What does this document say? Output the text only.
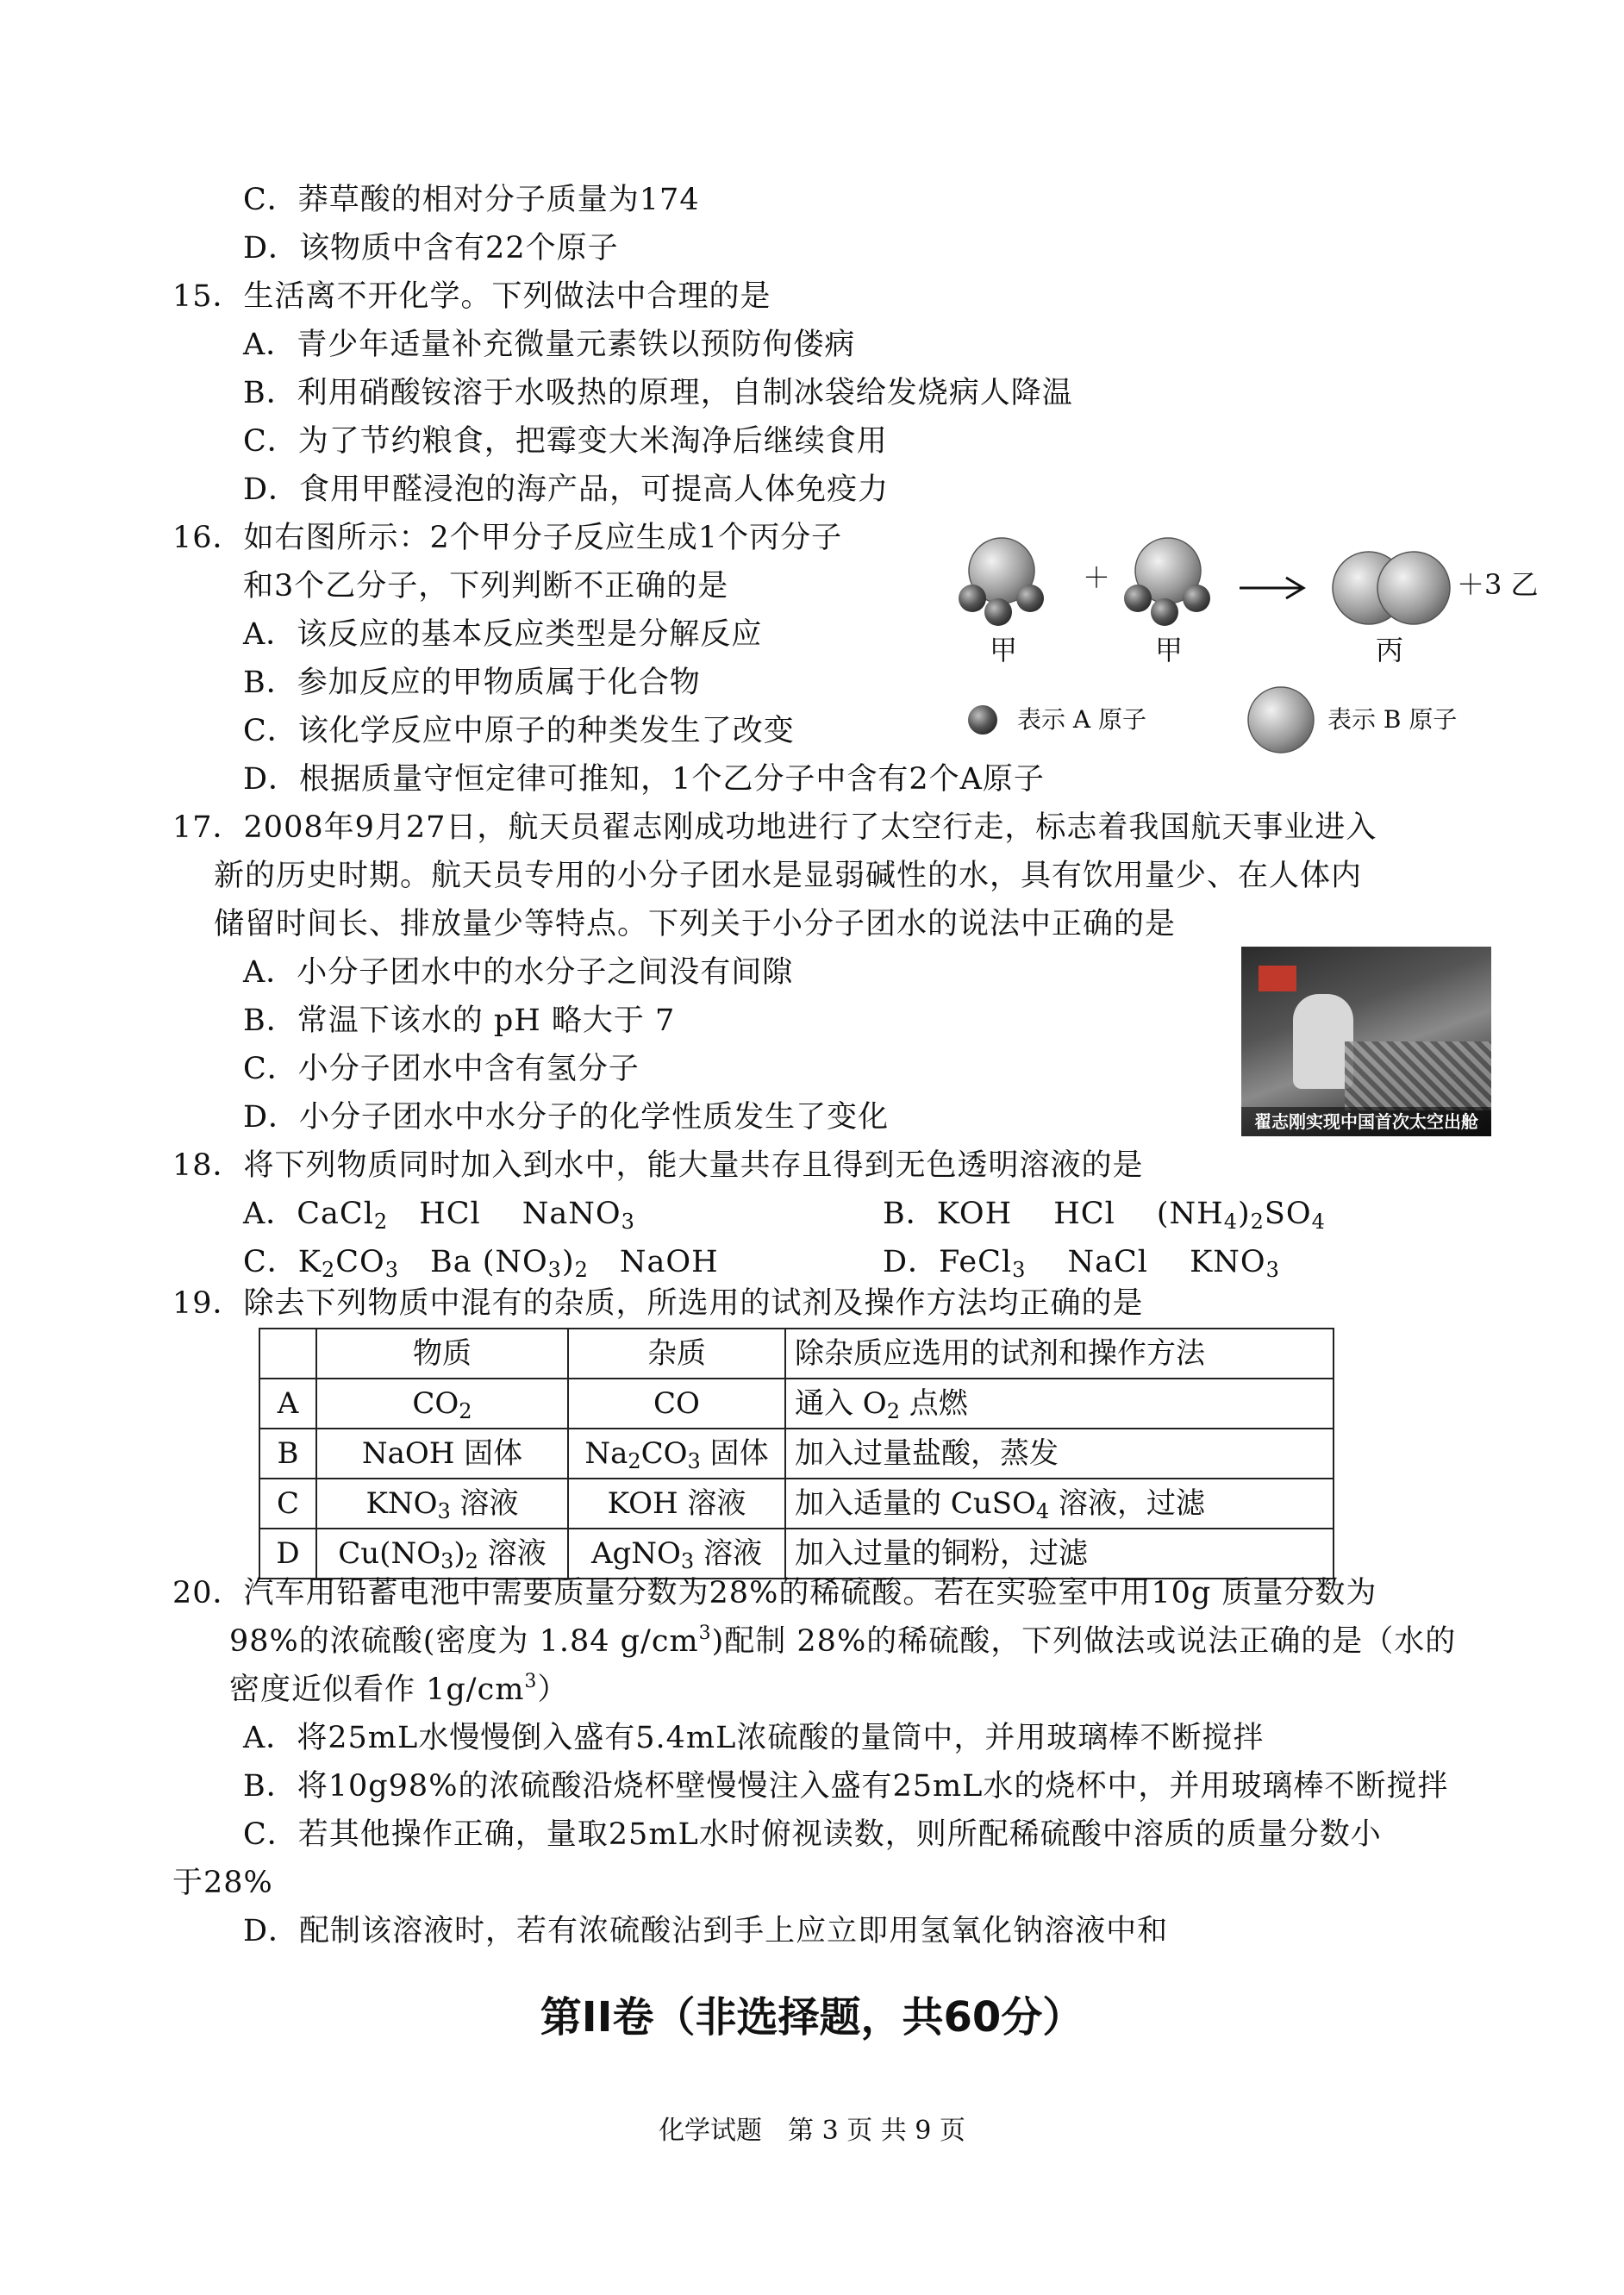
C．莽草酸的相对分子质量为174
D．该物质中含有22个原子
15．生活离不开化学。下列做法中合理的是
A．青少年适量补充微量元素铁以预防佝偻病
B．利用硝酸铵溶于水吸热的原理，自制冰袋给发烧病人降温
C．为了节约粮食，把霉变大米淘净后继续食用
D．食用甲醛浸泡的海产品，可提高人体免疫力
16．如右图所示：2个甲分子反应生成1个丙分子
和3个乙分子，下列判断不正确的是
A．该反应的基本反应类型是分解反应
B．参加反应的甲物质属于化合物
C．该化学反应中原子的种类发生了改变
D．根据质量守恒定律可推知，1个乙分子中含有2个A原子
＋	＋3 乙
甲	甲	丙
表示 A 原子	表示 B 原子
17．2008年9月27日，航天员翟志刚成功地进行了太空行走，标志着我国航天事业进入
新的历史时期。航天员专用的小分子团水是显弱碱性的水，具有饮用量少、在人体内
储留时间长、排放量少等特点。下列关于小分子团水的说法中正确的是
A．小分子团水中的水分子之间没有间隙
B．常温下该水的 pH 略大于 7
C．小分子团水中含有氢分子
D．小分子团水中水分子的化学性质发生了变化	翟志刚实现中国首次太空出舱
18．将下列物质同时加入到水中，能大量共存且得到无色透明溶液的是
A．CaCl$_2$　HCl　 NaNO$_3$	B．KOH　 HCl　 $(NH_4)_2SO_4$
C．$K_2CO_3$　Ba $(NO_3)_2$　NaOH	D．FeCl$_3$　 NaCl　 $KNO_3$
19．除去下列物质中混有的杂质，所选用的试剂及操作方法均正确的是
	物质	杂质	除杂质应选用的试剂和操作方法
A	$CO_2$	CO	通入 $O_2$ 点燃
B	NaOH 固体	$Na_2CO_3$ 固体	加入过量盐酸，蒸发
C	$KNO_3$ 溶液	KOH 溶液	加入适量的 CuSO$_4$ 溶液，过滤
D	$Cu(NO_3)_2$ 溶液	AgNO$_3$ 溶液	加入过量的铜粉，过滤
20．汽车用铅蓄电池中需要质量分数为28%的稀硫酸。若在实验室中用10g 质量分数为
98%的浓硫酸(密度为 1.84 $g/cm^3$)配制 28%的稀硫酸，下列做法或说法正确的是（水的
密度近似看作 $1g/cm^3$）
A．将25mL水慢慢倒入盛有5.4mL浓硫酸的量筒中，并用玻璃棒不断搅拌
B．将10g98%的浓硫酸沿烧杯壁慢慢注入盛有25mL水的烧杯中，并用玻璃棒不断搅拌
C．若其他操作正确，量取25mL水时俯视读数，则所配稀硫酸中溶质的质量分数小
于28%
D．配制该溶液时，若有浓硫酸沾到手上应立即用氢氧化钠溶液中和
第II卷（非选择题，共60分）
化学试题　第 3 页 共 9 页
